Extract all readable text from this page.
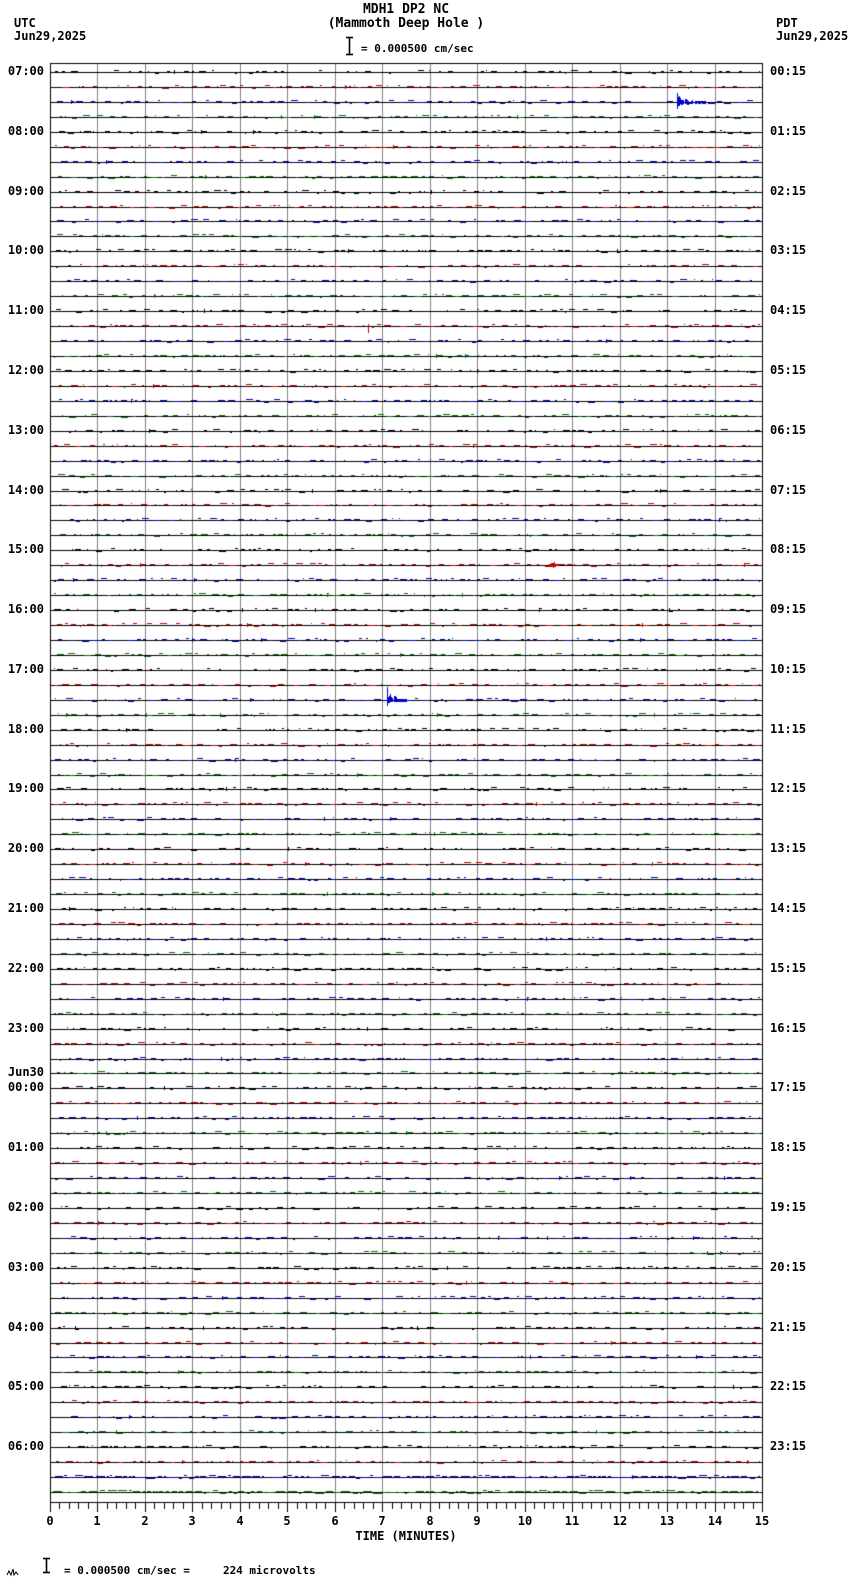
UTC
Jun29,2025
PDT
Jun29,2025
MDH1 DP2 NC
(Mammoth Deep Hole )
= 0.000500 cm/sec
07:00
08:00
09:00
10:00
11:00
12:00
13:00
14:00
15:00
16:00
17:00
18:00
19:00
20:00
21:00
22:00
23:00
00:00
Jun30
01:00
02:00
03:00
04:00
05:00
06:00
00:15
01:15
02:15
03:15
04:15
05:15
06:15
07:15
08:15
09:15
10:15
11:15
12:15
13:15
14:15
15:15
16:15
17:15
18:15
19:15
20:15
21:15
22:15
23:15
0	1	2	3	4	5	6	7	8	9	10	11	12	13	14	15
TIME (MINUTES)
= 0.000500 cm/sec =     224 microvolts
